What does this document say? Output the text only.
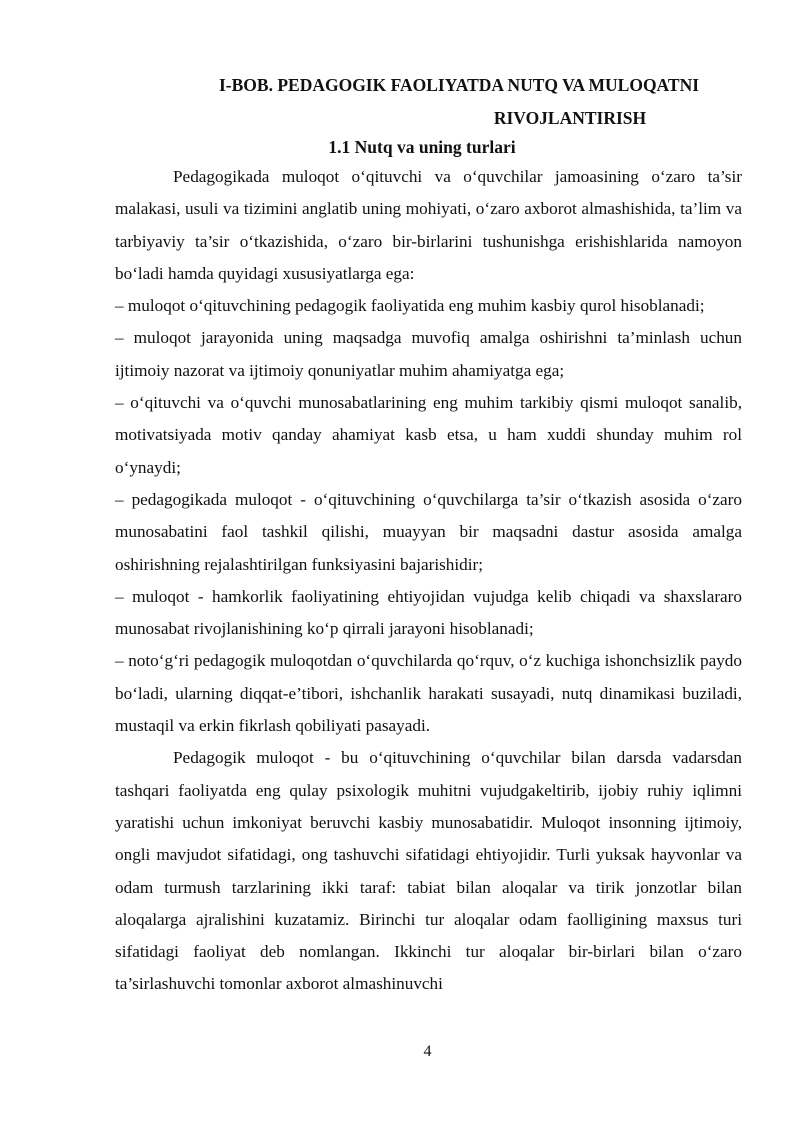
I-BOB. PEDAGOGIK FAOLIYATDA NUTQ VA MULOQATNI
RIVOJLANTIRISH
1.1 Nutq va uning turlari

Pedagogikada muloqot o‘qituvchi va o‘quvchilar jamoasining o‘zaro ta’sir malakasi, usuli va tizimini anglatib uning mohiyati, o‘zaro axborot almashishida, ta’lim va tarbiyaviy ta’sir o‘tkazishida, o‘zaro bir-birlarini tushunishga erishishlarida namoyon bo‘ladi hamda quyidagi xususiyatlarga ega:

– muloqot o‘qituvchining pedagogik faoliyatida eng muhim kasbiy qurol hisoblanadi;

– muloqot jarayonida uning maqsadga muvofiq amalga oshirishni ta’minlash uchun ijtimoiy nazorat va ijtimoiy qonuniyatlar muhim ahamiyatga ega;

– o‘qituvchi va o‘quvchi munosabatlarining eng muhim tarkibiy qismi muloqot sanalib, motivatsiyada motiv qanday ahamiyat kasb etsa, u ham xuddi shunday muhim rol o‘ynaydi;

– pedagogikada muloqot - o‘qituvchining o‘quvchilarga ta’sir o‘tkazish asosida o‘zaro munosabatini faol tashkil qilishi, muayyan bir maqsadni dastur asosida amalga oshirishning rejalashtirilgan funksiyasini bajarishidir;

– muloqot - hamkorlik faoliyatining ehtiyojidan vujudga kelib chiqadi va shaxslararo munosabat rivojlanishining ko‘p qirrali jarayoni hisoblanadi;

– noto‘g‘ri pedagogik muloqotdan o‘quvchilarda qo‘rquv, o‘z kuchiga ishonchsizlik paydo bo‘ladi, ularning diqqat-e’tibori, ishchanlik harakati susayadi, nutq dinamikasi buziladi, mustaqil va erkin fikrlash qobiliyati pasayadi.

Pedagogik muloqot - bu o‘qituvchining o‘quvchilar bilan darsda vadarsdan tashqari faoliyatda eng qulay psixologik muhitni vujudgakeltirib, ijobiy ruhiy iqlimni yaratishi uchun imkoniyat beruvchi kasbiy munosabatidir. Muloqot insonning ijtimoiy, ongli mavjudot sifatidagi, ong tashuvchi sifatidagi ehtiyojidir. Turli yuksak hayvonlar va odam turmush tarzlarining ikki taraf: tabiat bilan aloqalar va tirik jonzotlar bilan aloqalarga ajralishini kuzatamiz. Birinchi tur aloqalar odam faolligining maxsus turi sifatidagi faoliyat deb nomlangan. Ikkinchi tur aloqalar bir-birlari bilan o‘zaro ta’sirlashuvchi tomonlar axborot almashinuvchi

4
